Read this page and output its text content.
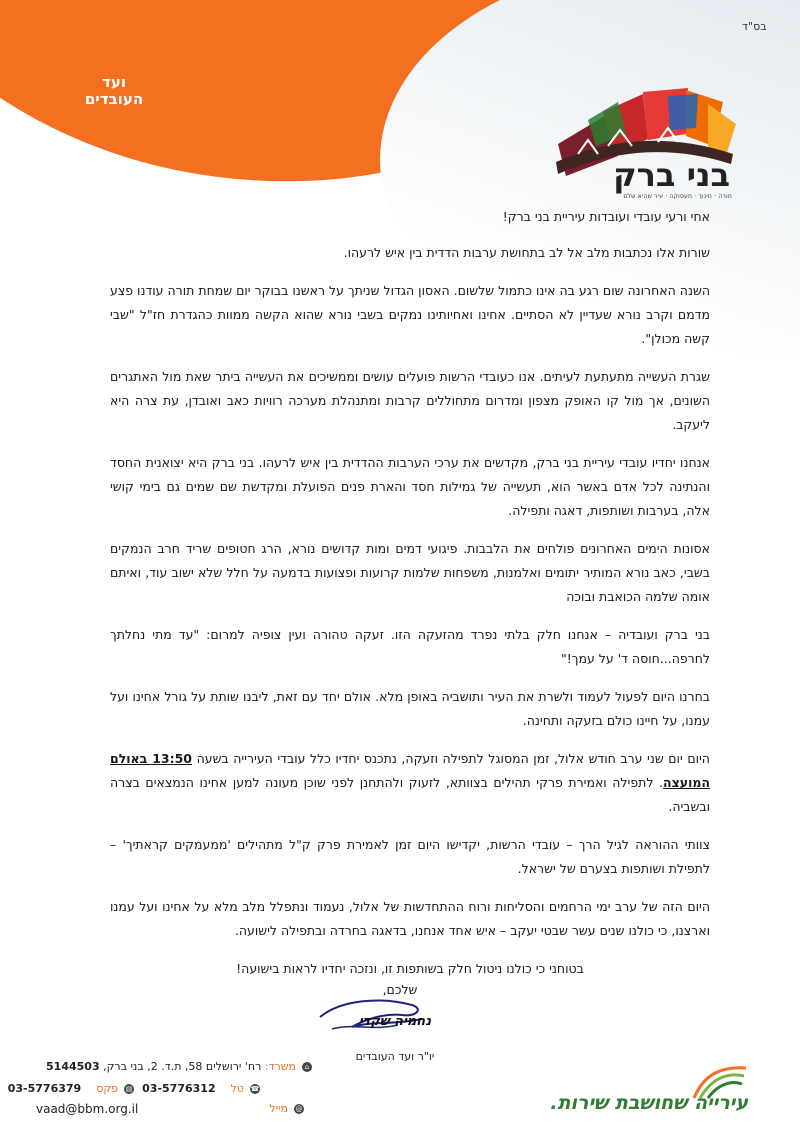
בס"ד
ועד
העובדים
בני ברק
תורה · חינוך · תעסוקה · עיר שהיא שלם

אחי ורעי עובדי ועובדות עיריית בני ברק!

שורות אלו נכתבות מלב אל לב בתחושת ערבות הדדית בין איש לרעהו.

השנה האחרונה שום רגע בה אינו כתמול שלשום. האסון הגדול שניתך על ראשנו בבוקר יום שמחת תורה עודנו פצע מדמם וקרב נורא שעדיין לא הסתיים. אחינו ואחיותינו נמקים בשבי נורא שהוא הקשה ממוות כהגדרת חז"ל "שבי קשה מכולן".

שגרת העשייה מתעתעת לעיתים. אנו כעובדי הרשות פועלים עושים וממשיכים את העשייה ביתר שאת מול האתגרים השונים, אך מול קו האופק מצפון ומדרום מתחוללים קרבות ומתנהלת מערכה רוויות כאב ואובדן, עת צרה היא ליעקב.

אנחנו יחדיו עובדי עיריית בני ברק, מקדשים את ערכי הערבות ההדדית בין איש לרעהו. בני ברק היא יצואנית החסד והנתינה לכל אדם באשר הוא, תעשייה של גמילות חסד והארת פנים הפועלת ומקדשת שם שמים גם בימי קושי אלה, בערבות ושותפות, דאגה ותפילה.

אסונות הימים האחרונים פולחים את הלבבות. פיגועי דמים ומות קדושים נורא, הרג חטופים שריד חרב הנמקים בשבי, כאב נורא המותיר יתומים ואלמנות, משפחות שלמות קרועות ופצועות בדמעה על חלל שלא ישוב עוד, ואיתם אומה שלמה הכואבת ובוכה

בני ברק ועובדיה – אנחנו חלק בלתי נפרד מהזעקה הזו. זעקה טהורה ועין צופיה למרום: "עד מתי נחלתך לחרפה...חוסה ד' על עמך!"

בחרנו היום לפעול לעמוד ולשרת את העיר ותושביה באופן מלא. אולם יחד עם זאת, ליבנו שותת על גורל אחינו ועל עמנו, על חיינו כולם בזעקה ותחינה.

היום יום שני ערב חודש אלול, זמן המסוגל לתפילה וזעקה, נתכנס יחדיו כלל עובדי העירייה בשעה 13:50 באולם המועצה. לתפילה ואמירת פרקי תהילים בצוותא, לזעוק ולהתחנן לפני שוכן מעונה למען אחינו הנמצאים בצרה ובשביה.

צוותי ההוראה לגיל הרך – עובדי הרשות, יקדישו היום זמן לאמירת פרק ק"ל מתהילים 'ממעמקים קראתיך' – לתפילת ושותפות בצערם של ישראל.

היום הזה של ערב ימי הרחמים והסליחות ורוח ההתחדשות של אלול, נעמוד ונתפלל מלב מלא על אחינו ועל עמנו וארצנו, כי כולנו שנים עשר שבטי יעקב – איש אחד אנחנו, בדאגה בחרדה ובתפילה לישועה.

בטוחני כי כולנו ניטול חלק בשותפות זו, ונזכה יחדיו לראות בישועה!

שלכם,
נחמיה שקדי
יו"ר ועד העובדים
⌂משרד: רח' ירושלים 58, ת.ד. 2, בני ברק, 5144503
☎טל  03-5776312
▤פקס  03-5776379
@מייל
vaad@bbm.org.il	עירייה שחושבת שירות.
